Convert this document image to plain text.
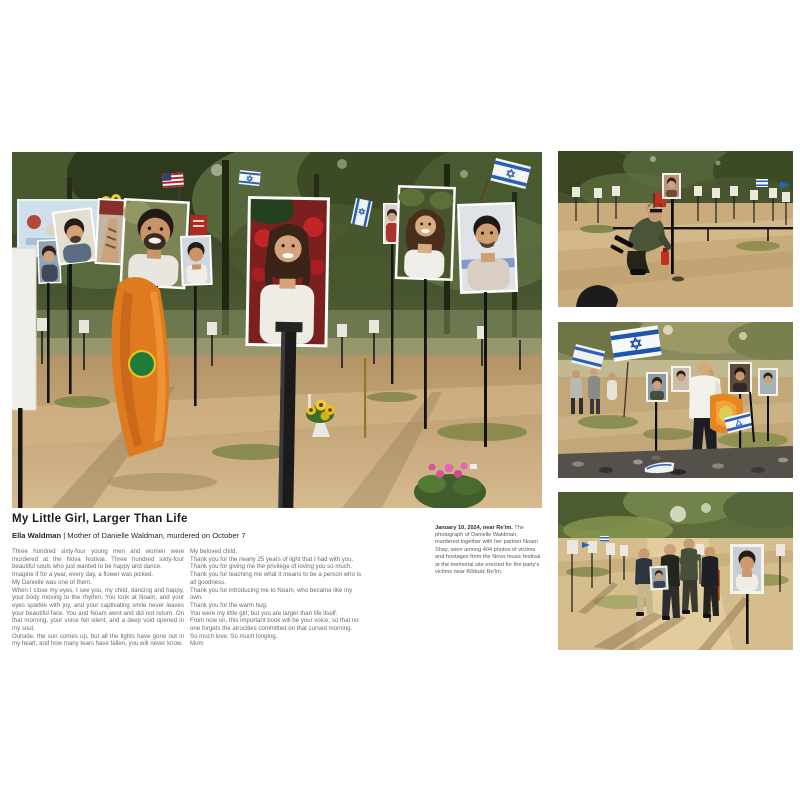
January 10, 2024, near Re'im. The photograph of Danielle Waldman, murdered together with her partner Noam Shay, seen among 404 photos of victims and hostages from the Nova music festival at the memorial site erected for the party's victims near Kibbutz Re'im.

My Little Girl, Larger Than Life
Ella Waldman | Mother of Danielle Waldman, murdered on October 7

Three hundred sixty-four young men and women were murdered at the Nova festival. Three hundred sixty-four beautiful souls who just wanted to be happy and dance.

Imagine if for a year, every day, a flower was picked.

My Danielle was one of them.

When I close my eyes, I see you, my child, dancing and happy, your body moving to the rhythm. You look at Noam, and your eyes sparkle with joy, and your captivating smile never leaves your beautiful face. You and Noam went and did not return. On that morning, your voice fell silent, and a deep void opened in my soul.

Outside, the sun comes up, but all the lights have gone out in my heart, and how many tears have fallen, you will never know.

My beloved child,

Thank you for the nearly 25 years of light that I had with you.

Thank you for giving me the privilege of loving you so much.

Thank you for teaching me what it means to be a person who is all goodness.

Thank you for introducing me to Noam, who became like my own.

Thank you for the warm hug.

You were my little girl, but you are larger than life itself.

From now on, this important book will be your voice, so that no one forgets the atrocities committed on that cursed morning.

So much love. So much longing.

Mom
